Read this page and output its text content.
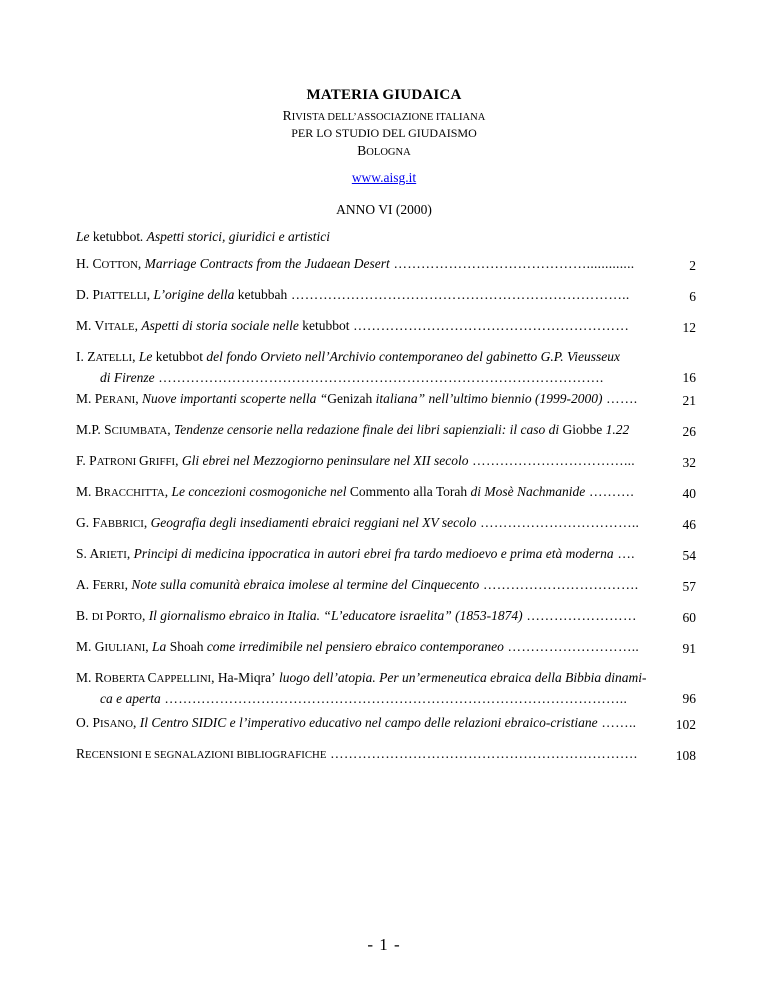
MATERIA GIUDAICA
RIVISTA DELL’ASSOCIAZIONE ITALIANA
PER LO STUDIO DEL GIUDAISMO
BOLOGNA
www.aisg.it
ANNO VI (2000)
Le ketubbot. Aspetti storici, giuridici e artistici
H. COTTON, Marriage Contracts from the Judaean Desert …………………………………….............	2
D. PIATTELLI, L’origine della ketubbah ………………………………………………………………..	6
M. VITALE, Aspetti di storia sociale nelle ketubbot ……………………………………………………	12
I. ZATELLI, Le ketubbot del fondo Orvieto nell’Archivio contemporaneo del gabinetto G.P. Vieusseux
di Firenze …………………………………………………………………………………….	16
M. PERANI, Nuove importanti scoperte nella “Genizah italiana” nell’ultimo biennio (1999-2000) …….	21
M.P. SCIUMBATA, Tendenze censorie nella redazione finale dei libri sapienziali: il caso di Giobbe 1.22	26
F. PATRONI GRIFFI, Gli ebrei nel Mezzogiorno peninsulare nel XII secolo ……………………………...	32
M. BRACCHITTA, Le concezioni cosmogoniche nel Commento alla Torah di Mosè Nachmanide ……….	40
G. FABBRICI, Geografia degli insediamenti ebraici reggiani nel XV secolo ……………………………..	46
S. ARIETI, Principi di medicina ippocratica in autori ebrei fra tardo medioevo e prima età moderna ….	54
A. FERRI, Note sulla comunità ebraica imolese al termine del Cinquecento …………………………….	57
B. DI PORTO, Il giornalismo ebraico in Italia. “L’educatore israelita” (1853-1874) ……………………	60
M. GIULIANI, La Shoah come irredimibile nel pensiero ebraico contemporaneo ………………………..	91
M. ROBERTA CAPPELLINI, Ha-Miqra’ luogo dell’atopia. Per un’ermeneutica ebraica della Bibbia dinami-
ca e aperta ………………………………………………………………………………………..	96
O. PISANO, Il Centro SIDIC e l’imperativo educativo nel campo delle relazioni ebraico-cristiane ……..	102
RECENSIONI E SEGNALAZIONI BIBLIOGRAFICHE ………………………………………………………….	108
- 1 -
